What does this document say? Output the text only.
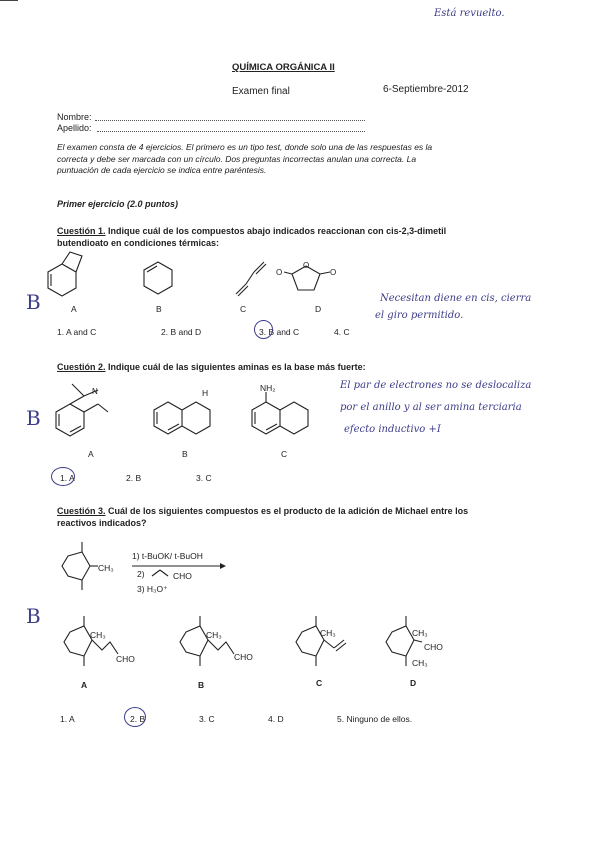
Está revuelto.
QUÍMICA ORGÁNICA II
Examen final	6-Septiembre-2012
Nombre:
Apellido:
El examen consta de 4 ejercicios. El primero es un tipo test, donde solo una de las respuestas es la
correcta y debe ser marcada con un círculo. Dos preguntas incorrectas anulan una correcta. La
puntuación de cada ejercicio se indica entre paréntesis.
Primer ejercicio (2.0 puntos)
Cuestión 1. Indique cuál de los compuestos abajo indicados reaccionan con cis-2,3-dimetil
butendioato en condiciones térmicas:
O	O
O
A	B	C	D
B
1. A and C	2. B and D	3. B and C	4. C
Necesitan diene en cis, cierra
el giro permitido.
Cuestión 2. Indique cuál de las siguientes aminas es la base más fuerte:
N	H	NH₂
A	B	C
B
1. A	2. B	3. C
El par de electrones no se deslocaliza
por el anillo y al ser amina terciaria
efecto inductivo +I
Cuestión 3. Cuál de los siguientes compuestos es el producto de la adición de Michael entre los
reactivos indicados?
CH₃
1) t-BuOK/ t-BuOH
2)	CHO
3) H₃O⁺
B
CH₃
CHO
CH₃
CHO
CH₃	CH₃
CHO
CH₃
A	B	C	D
1. A	2. B	3. C	4. D	5. Ninguno de ellos.
